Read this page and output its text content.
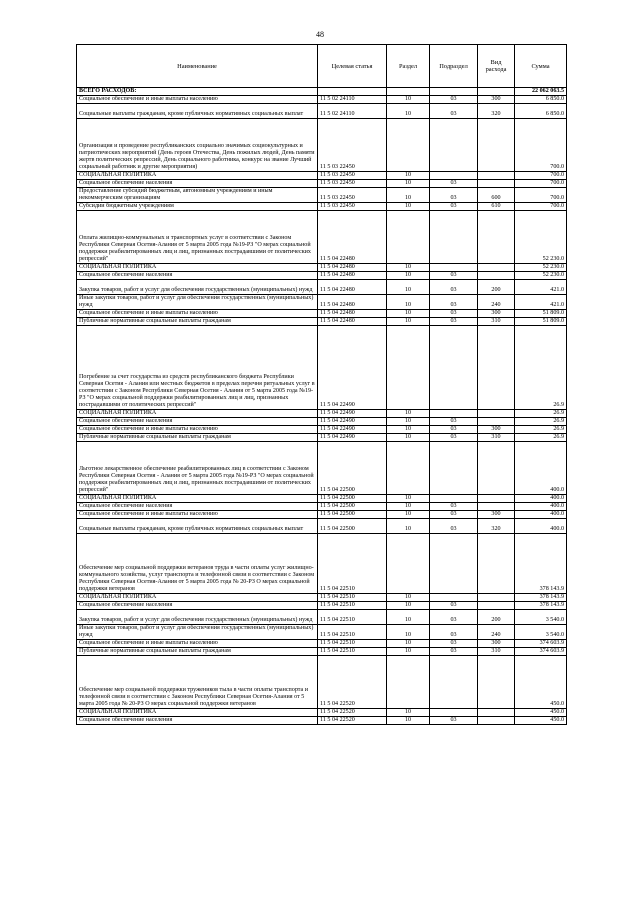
48
Наименование	Целевая статья	Раздел	Подраздел	Вид расхода	Сумма
ВСЕГО РАСХОДОВ:					22 062 063.5
Социальное обеспечение и иные выплаты населению	11 5 02 24110	10	03	300	6 850.0
Социальные выплаты гражданам, кроме публичных нормативных социальных выплат	11 5 02 24110	10	03	320	6 850.0
Организация и проведение республиканских социально значимых социокультурных и патриотических мероприятий (День героев Отечества, День пожилых людей, День памяти жертв политических репрессий, День социального работника, конкурс на звание Лучший социальный работник и другие мероприятия)	11 5 03 22450				700.0
СОЦИАЛЬНАЯ ПОЛИТИКА	11 5 03 22450	10			700.0
Социальное обеспечение населения	11 5 03 22450	10	03		700.0
Предоставление субсидий бюджетным, автономным учреждениям и иным некоммерческим организациям	11 5 03 22450	10	03	600	700.0
Субсидии бюджетным учреждениям	11 5 03 22450	10	03	610	700.0
Оплата жилищно-коммунальных и транспортных услуг в соответствии с Законом Республики Северная Осетия-Алания от 5 марта 2005 года №19-РЗ "О мерах социальной поддержки реабилитированных лиц и лиц, признанных пострадавшими от политических репрессий"	11 5 04 22480				52 230.0
СОЦИАЛЬНАЯ ПОЛИТИКА	11 5 04 22480	10			52 230.0
Социальное обеспечение населения	11 5 04 22480	10	03		52 230.0
Закупка товаров, работ и услуг для обеспечения государственных (муниципальных) нужд	11 5 04 22480	10	03	200	421.0
Иные закупки товаров, работ и услуг для обеспечения государственных (муниципальных) нужд	11 5 04 22480	10	03	240	421.0
Социальное обеспечение и иные выплаты населению	11 5 04 22480	10	03	300	51 809.0
Публичные нормативные социальные выплаты гражданам	11 5 04 22480	10	03	310	51 809.0
Погребение за счет государства из средств республиканского бюджета Республики Северная Осетия - Алания или местных бюджетов в пределах перечня ритуальных услуг в соответствии с Законом Республики Северная Осетия - Алания от 5 марта 2005 года №19-РЗ "О мерах социальной поддержки реабилитированных лиц и лиц, признанных пострадавшими от политических репрессий"	11 5 04 22490				26.9
СОЦИАЛЬНАЯ ПОЛИТИКА	11 5 04 22490	10			26.9
Социальное обеспечение населения	11 5 04 22490	10	03		26.9
Социальное обеспечение и иные выплаты населению	11 5 04 22490	10	03	300	26.9
Публичные нормативные социальные выплаты гражданам	11 5 04 22490	10	03	310	26.9
Льготное лекарственное обеспечение реабилитированных лиц в соответствии с Законом Республики Северная Осетия - Алания от 5 марта 2005 года №19-РЗ "О мерах социальной поддержки реабилитированных лиц и лиц, признанных пострадавшими от политических репрессий"	11 5 04 22500				400.0
СОЦИАЛЬНАЯ ПОЛИТИКА	11 5 04 22500	10			400.0
Социальное обеспечение населения	11 5 04 22500	10	03		400.0
Социальное обеспечение и иные выплаты населению	11 5 04 22500	10	03	300	400.0
Социальные выплаты гражданам, кроме публичных нормативных социальных выплат	11 5 04 22500	10	03	320	400.0
Обеспечение мер социальной поддержки ветеранов труда в части оплаты услуг жилищно-коммунального хозяйства, услуг транспорта и телефонной связи в соответствии с Законом Республики Северная Осетия-Алания от 5 марта 2005 года № 20-РЗ О мерах социальной поддержки ветеранов	11 5 04 22510				378 143.9
СОЦИАЛЬНАЯ ПОЛИТИКА	11 5 04 22510	10			378 143.9
Социальное обеспечение населения	11 5 04 22510	10	03		378 143.9
Закупка товаров, работ и услуг для обеспечения государственных (муниципальных) нужд	11 5 04 22510	10	03	200	3 540.0
Иные закупки товаров, работ и услуг для обеспечения государственных (муниципальных) нужд	11 5 04 22510	10	03	240	3 540.0
Социальное обеспечение и иные выплаты населению	11 5 04 22510	10	03	300	374 603.9
Публичные нормативные социальные выплаты гражданам	11 5 04 22510	10	03	310	374 603.9
Обеспечение мер социальной поддержки тружеников тыла в части оплаты транспорта и телефонной связи в соответствии с Законом Республики Северная Осетия-Алания от 5 марта 2005 года № 20-РЗ О мерах социальной поддержки ветеранов	11 5 04 22520				450.0
СОЦИАЛЬНАЯ ПОЛИТИКА	11 5 04 22520	10			450.0
Социальное обеспечение населения	11 5 04 22520	10	03		450.0
